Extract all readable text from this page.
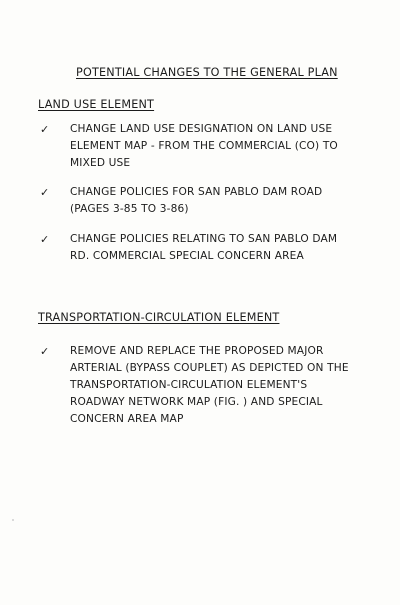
POTENTIAL CHANGES TO THE GENERAL PLAN
LAND USE ELEMENT
✓	CHANGE LAND USE DESIGNATION ON LAND USE
ELEMENT MAP - FROM THE COMMERCIAL (CO) TO
MIXED USE
✓	CHANGE POLICIES FOR SAN PABLO DAM ROAD
(PAGES 3-85 TO 3-86)
✓	CHANGE POLICIES RELATING TO SAN PABLO DAM
RD. COMMERCIAL SPECIAL CONCERN AREA
TRANSPORTATION-CIRCULATION ELEMENT
✓	REMOVE AND REPLACE THE PROPOSED MAJOR
ARTERIAL (BYPASS COUPLET) AS DEPICTED ON THE
TRANSPORTATION-CIRCULATION ELEMENT'S
ROADWAY NETWORK MAP (FIG. ) AND SPECIAL
CONCERN AREA MAP
